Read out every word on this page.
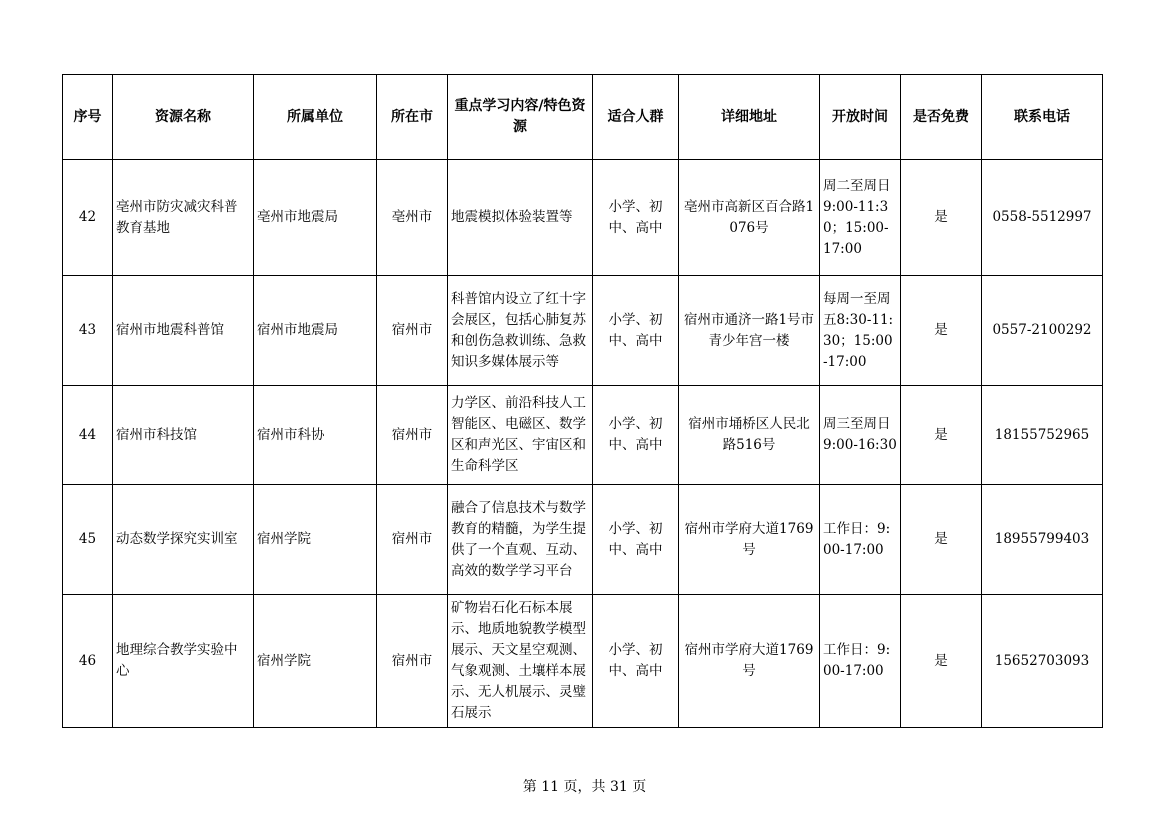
序号	资源名称	所属单位	所在市	重点学习内容/特色资源	适合人群	详细地址	开放时间	是否免费	联系电话
42	亳州市防灾减灾科普教育基地	亳州市地震局	亳州市	地震模拟体验装置等	小学、初中、高中	亳州市高新区百合路1076号	周二至周日9:00-11:30；15:00-17:00	是	0558-5512997
43	宿州市地震科普馆	宿州市地震局	宿州市	科普馆内设立了红十字会展区，包括心肺复苏和创伤急救训练、急救知识多媒体展示等	小学、初中、高中	宿州市通济一路1号市青少年宫一楼	每周一至周五8:30-11:30；15:00-17:00	是	0557-2100292
44	宿州市科技馆	宿州市科协	宿州市	力学区、前沿科技人工智能区、电磁区、数学区和声光区、宇宙区和生命科学区	小学、初中、高中	宿州市埇桥区人民北路516号	周三至周日9:00-16:30	是	18155752965
45	动态数学探究实训室	宿州学院	宿州市	融合了信息技术与数学教育的精髓，为学生提供了一个直观、互动、高效的数学学习平台	小学、初中、高中	宿州市学府大道1769号	工作日：9:00-17:00	是	18955799403
46	地理综合教学实验中心	宿州学院	宿州市	矿物岩石化石标本展示、地质地貌教学模型展示、天文星空观测、气象观测、土壤样本展示、无人机展示、灵璧石展示	小学、初中、高中	宿州市学府大道1769号	工作日：9:00-17:00	是	15652703093
第 11 页，共 31 页
